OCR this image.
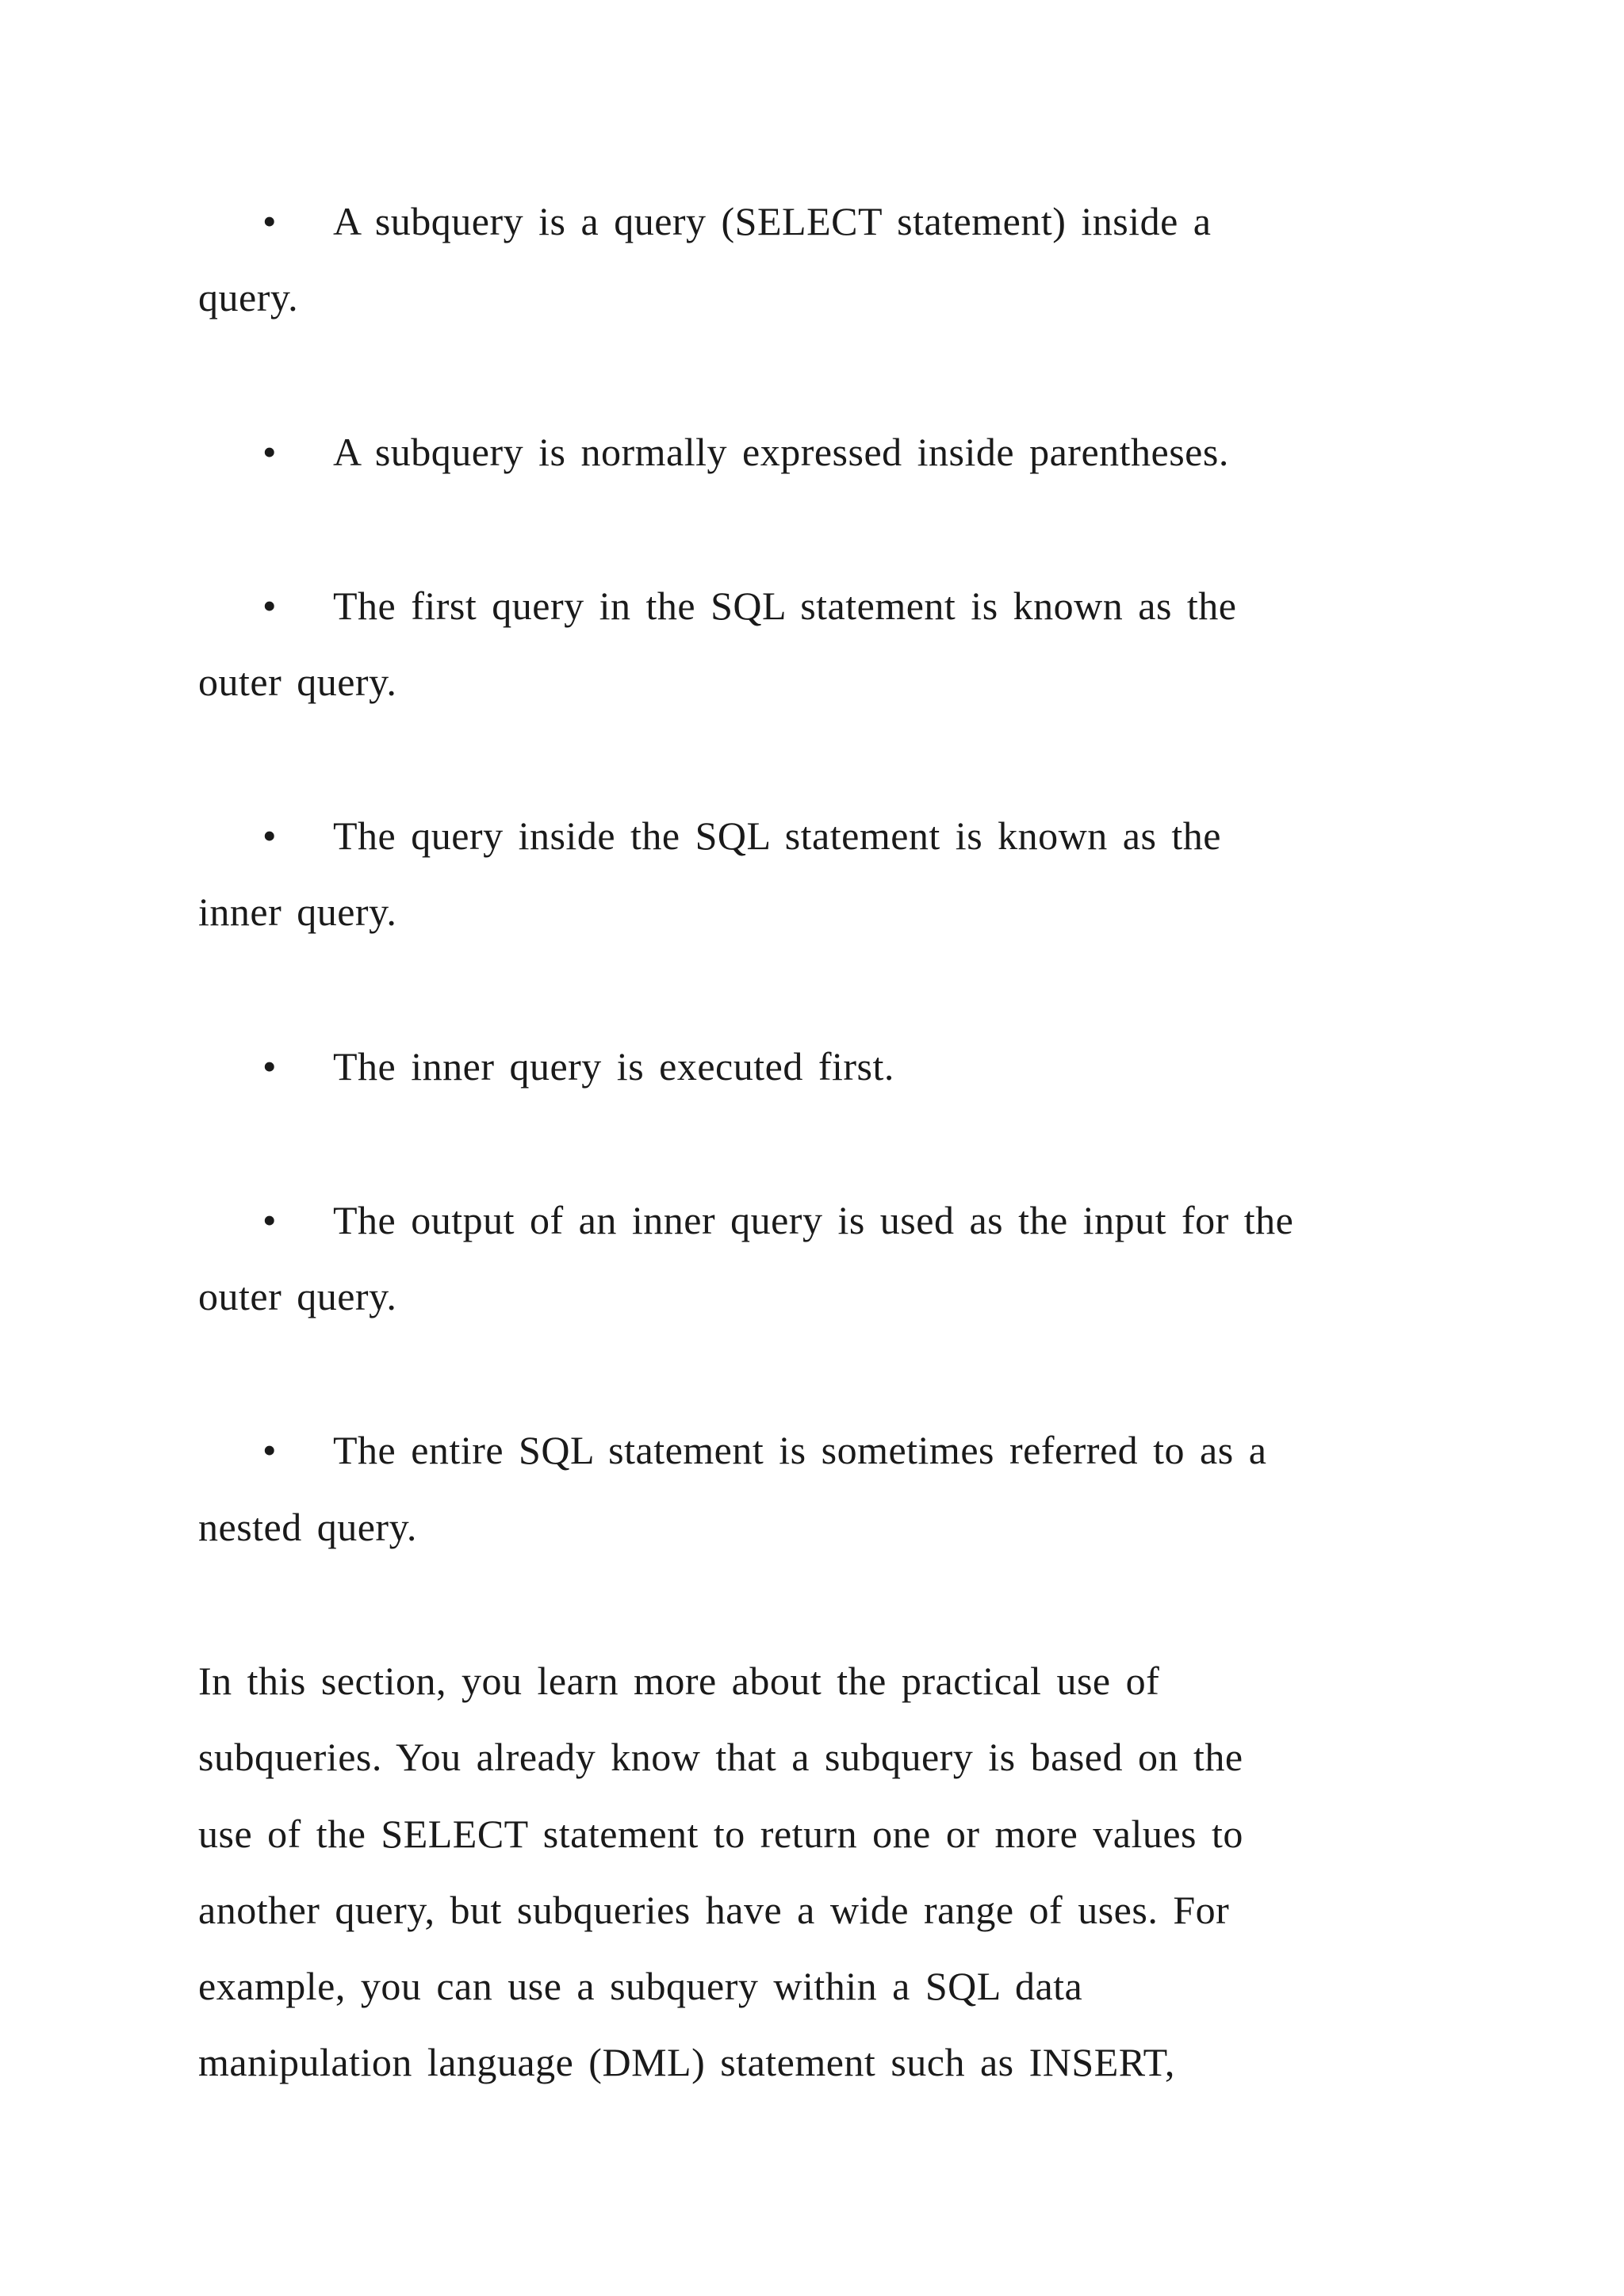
• A subquery is a query (SELECT statement) inside a
query.
• A subquery is normally expressed inside parentheses.
• The first query in the SQL statement is known as the
outer query.
• The query inside the SQL statement is known as the
inner query.
• The inner query is executed first.
• The output of an inner query is used as the input for the
outer query.
• The entire SQL statement is sometimes referred to as a
nested query.
In this section, you learn more about the practical use of
subqueries. You already know that a subquery is based on the
use of the SELECT statement to return one or more values to
another query, but subqueries have a wide range of uses. For
example, you can use a subquery within a SQL data
manipulation language (DML) statement such as INSERT,
